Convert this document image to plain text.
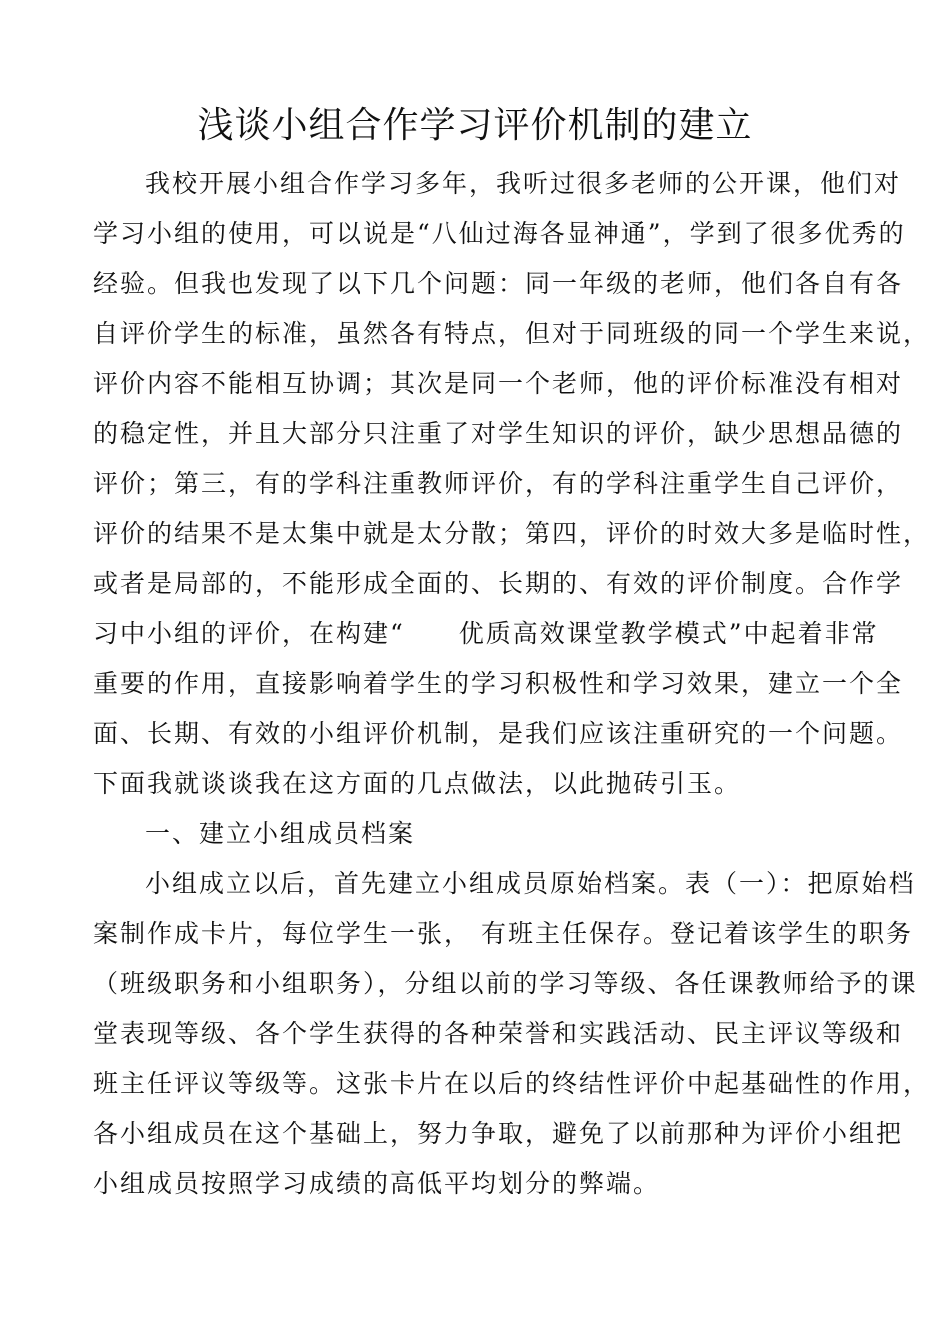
浅谈小组合作学习评价机制的建立
我校开展小组合作学习多年，我听过很多老师的公开课，他们对
学习小组的使用，可以说是“八仙过海各显神通”，学到了很多优秀的
经验。但我也发现了以下几个问题：同一年级的老师，他们各自有各
自评价学生的标准，虽然各有特点，但对于同班级的同一个学生来说，
评价内容不能相互协调；其次是同一个老师，他的评价标准没有相对
的稳定性，并且大部分只注重了对学生知识的评价，缺少思想品德的
评价；第三，有的学科注重教师评价，有的学科注重学生自己评价，
评价的结果不是太集中就是太分散；第四，评价的时效大多是临时性，
或者是局部的，不能形成全面的、长期的、有效的评价制度。合作学
习中小组的评价，在构建“　　优质高效课堂教学模式”中起着非常
重要的作用，直接影响着学生的学习积极性和学习效果，建立一个全
面、长期、有效的小组评价机制，是我们应该注重研究的一个问题。
下面我就谈谈我在这方面的几点做法，以此抛砖引玉。
一、建立小组成员档案
小组成立以后，首先建立小组成员原始档案。表（一）：把原始档
案制作成卡片，每位学生一张， 有班主任保存。登记着该学生的职务
（班级职务和小组职务），分组以前的学习等级、各任课教师给予的课
堂表现等级、各个学生获得的各种荣誉和实践活动、民主评议等级和
班主任评议等级等。这张卡片在以后的终结性评价中起基础性的作用，
各小组成员在这个基础上，努力争取，避免了以前那种为评价小组把
小组成员按照学习成绩的高低平均划分的弊端。
